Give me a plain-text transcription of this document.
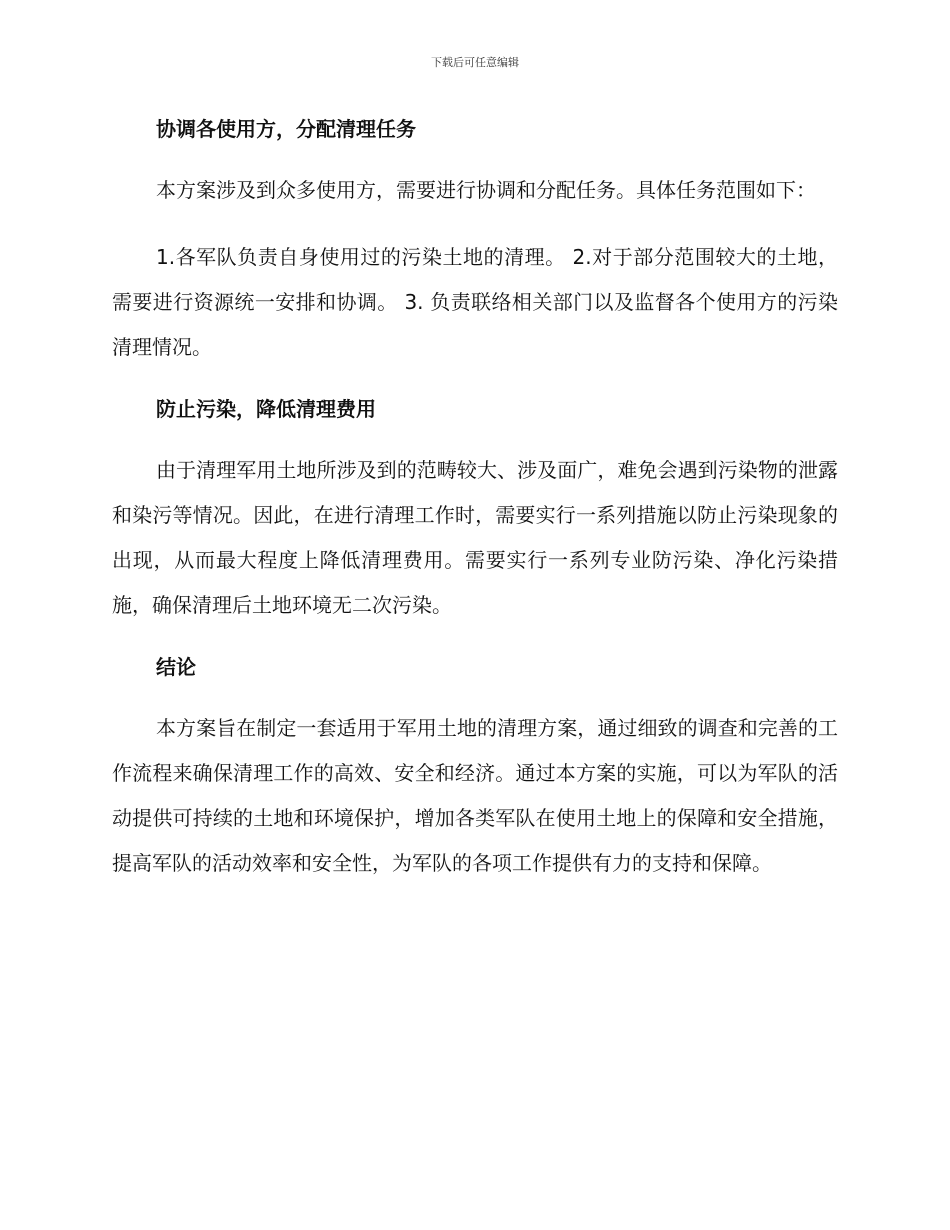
下载后可任意编辑

协调各使用方，分配清理任务

本方案涉及到众多使用方，需要进行协调和分配任务。具体任务范围如下：

1.各军队负责自身使用过的污染土地的清理。 2.对于部分范围较大的土地，需要进行资源统一安排和协调。 3. 负责联络相关部门以及监督各个使用方的污染清理情况。

防止污染，降低清理费用

由于清理军用土地所涉及到的范畴较大、涉及面广，难免会遇到污染物的泄露和染污等情况。因此，在进行清理工作时，需要实行一系列措施以防止污染现象的出现，从而最大程度上降低清理费用。需要实行一系列专业防污染、净化污染措施，确保清理后土地环境无二次污染。

结论

本方案旨在制定一套适用于军用土地的清理方案，通过细致的调查和完善的工作流程来确保清理工作的高效、安全和经济。通过本方案的实施，可以为军队的活动提供可持续的土地和环境保护，增加各类军队在使用土地上的保障和安全措施，提高军队的活动效率和安全性，为军队的各项工作提供有力的支持和保障。
